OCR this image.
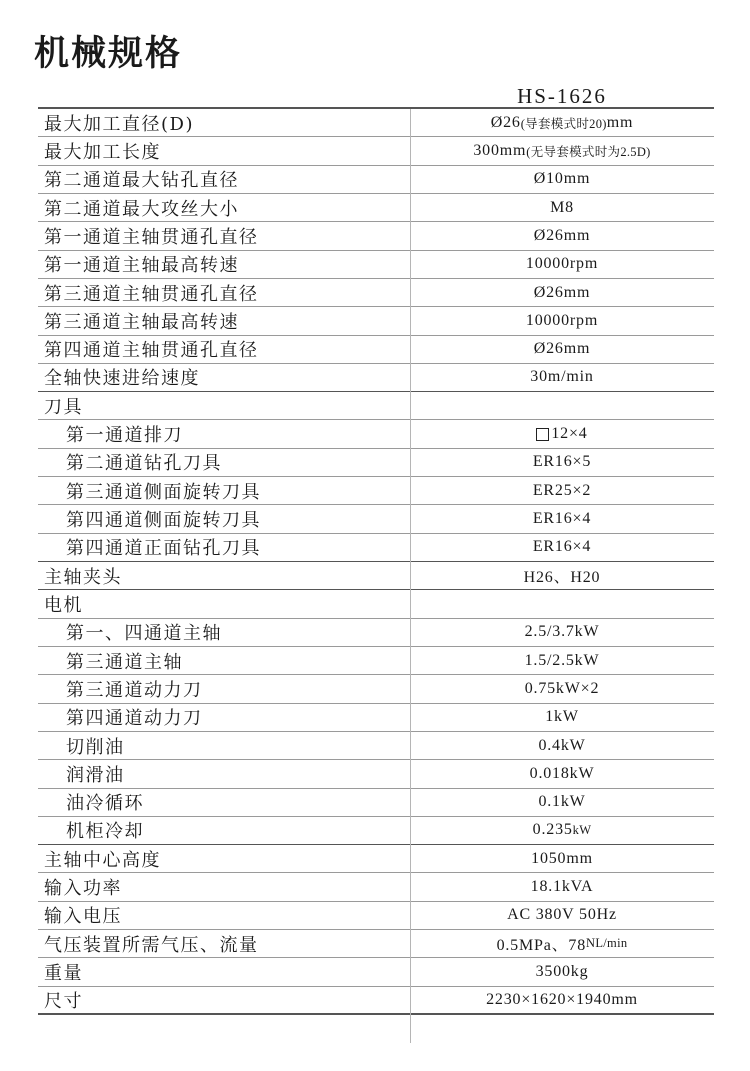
机械规格
HS-1626
最大加工直径(D)	Ø26 (导套模式时20) mm
最大加工长度	300mm (无导套模式时为2.5D)
第二通道最大钻孔直径	Ø10mm
第二通道最大攻丝大小	M8
第一通道主轴贯通孔直径	Ø26mm
第一通道主轴最高转速	10000rpm
第三通道主轴贯通孔直径	Ø26mm
第三通道主轴最高转速	10000rpm
第四通道主轴贯通孔直径	Ø26mm
全轴快速进给速度	30m/min
刀具
第一通道排刀	12×4
第二通道钻孔刀具	ER16×5
第三通道侧面旋转刀具	ER25×2
第四通道侧面旋转刀具	ER16×4
第四通道正面钻孔刀具	ER16×4
主轴夹头	H26、H20
电机
第一、四通道主轴	2.5/3.7kW
第三通道主轴	1.5/2.5kW
第三通道动力刀	0.75kW×2
第四通道动力刀	1kW
切削油	0.4kW
润滑油	0.018kW
油冷循环	0.1kW
机柜冷却	0.235 kW
主轴中心高度	1050mm
输入功率	18.1kVA
输入电压	AC 380V 50Hz
气压装置所需气压、流量	0.5MPa、78 NL/min
重量	3500kg
尺寸	2230×1620×1940mm
